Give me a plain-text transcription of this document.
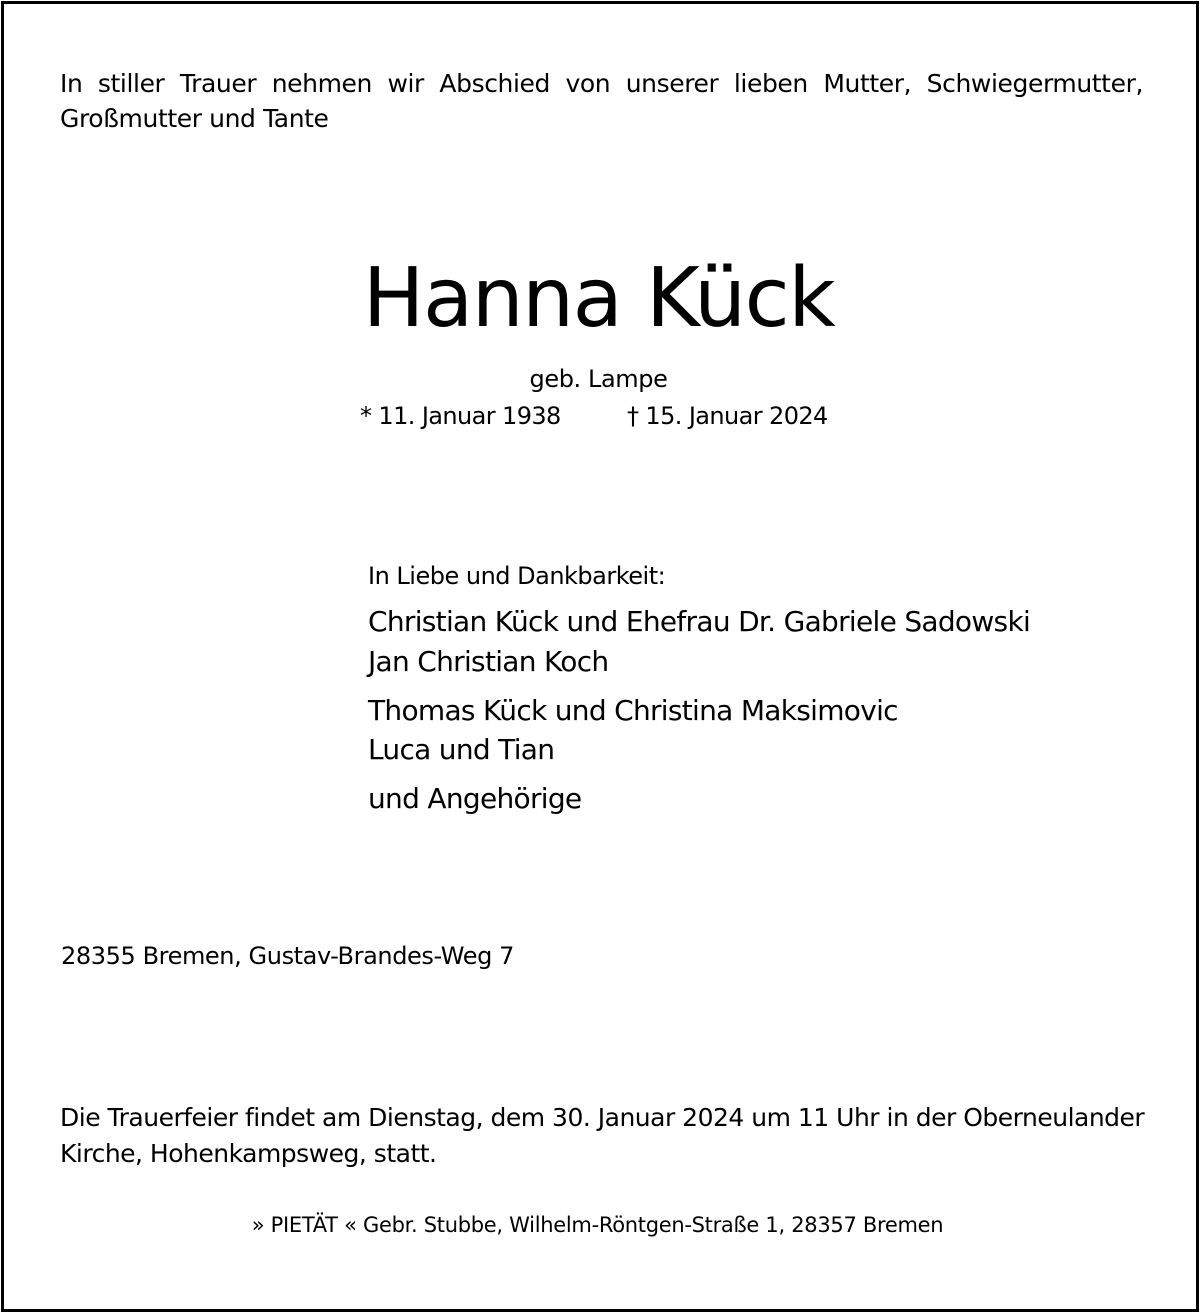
In stiller Trauer nehmen wir Abschied von unserer lieben Mutter, Schwiegermutter,
Großmutter und Tante
Hanna Kück
geb. Lampe
* 11. Januar 1938	† 15. Januar 2024
In Liebe und Dankbarkeit:
Christian Kück und Ehefrau Dr. Gabriele Sadowski
Jan Christian Koch
Thomas Kück und Christina Maksimovic
Luca und Tian
und Angehörige
28355 Bremen, Gustav-Brandes-Weg 7
Die Trauerfeier findet am Dienstag, dem 30. Januar 2024 um 11 Uhr in der Oberneulander
Kirche, Hohenkampsweg, statt.
» PIETÄT « Gebr. Stubbe, Wilhelm-Röntgen-Straße 1, 28357 Bremen
